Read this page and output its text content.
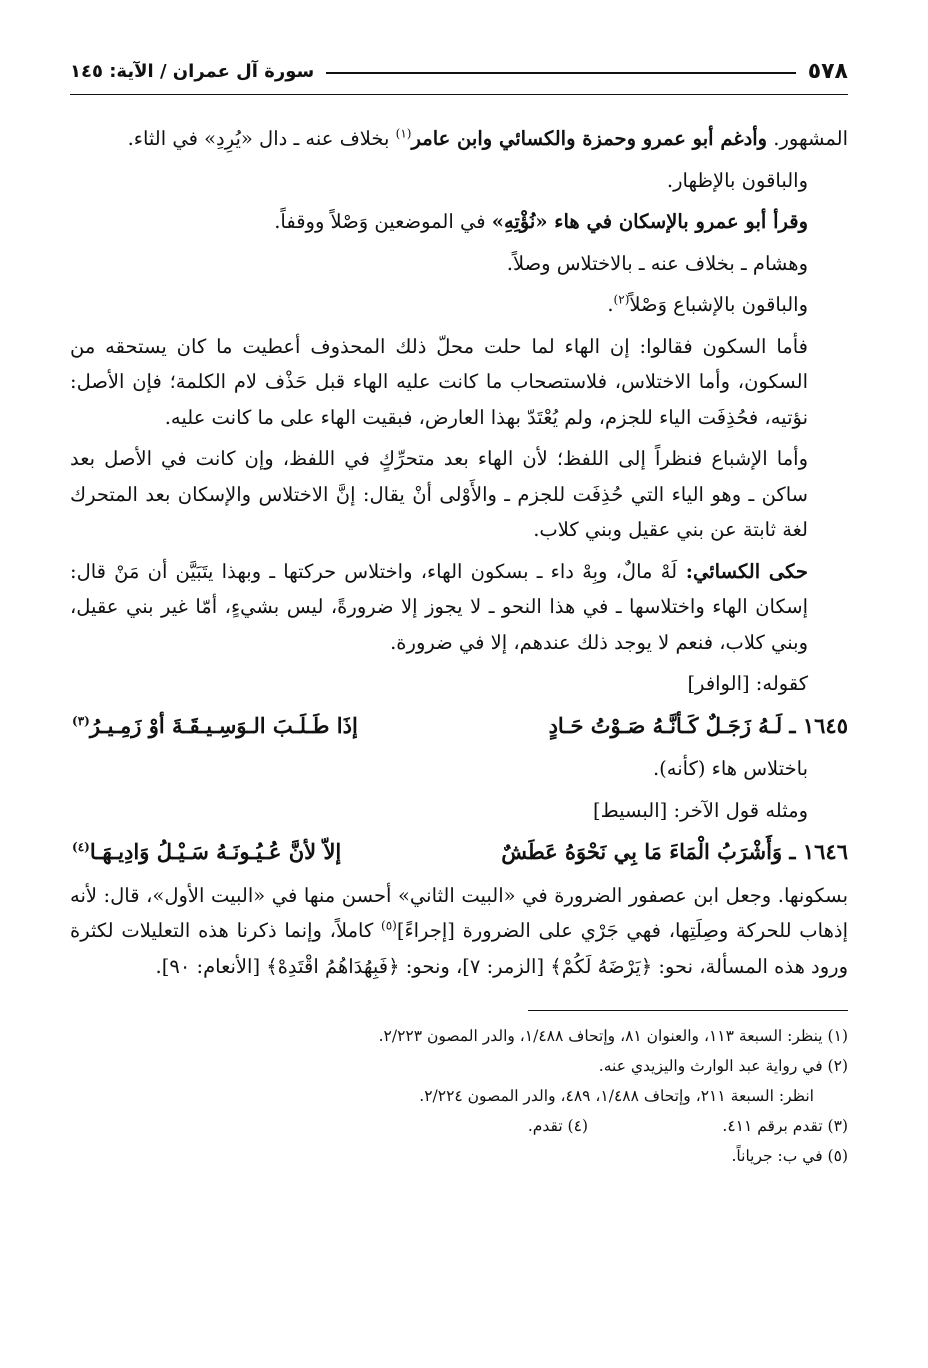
٥٧٨
سورة آل عمران / الآية: ١٤٥

المشهور. وأدغم أبو عمرو وحمزة والكسائي وابن عامر$^{(١)}$ بخلاف عنه ـ دال «يُرِدِ» في الثاء.

والباقون بالإظهار.

وقرأ أبو عمرو بالإسكان في هاء «نُؤْتِهِ» في الموضعين وَصْلاً ووقفاً.

وهشام ـ بخلاف عنه ـ بالاختلاس وصلاً.

والباقون بالإشباع وَصْلاً$^{(٢)}$.

فأما السكون فقالوا: إن الهاء لما حلت محلّ ذلك المحذوف أعطيت ما كان يستحقه من السكون، وأما الاختلاس، فلاستصحاب ما كانت عليه الهاء قبل حَذْف لام الكلمة؛ فإن الأصل: نؤتيه، فحُذِفَت الياء للجزم، ولم يُعْتَدّ بهذا العارض، فبقيت الهاء على ما كانت عليه.

وأما الإشباع فنظراً إلى اللفظ؛ لأن الهاء بعد متحرِّكٍ في اللفظ، وإن كانت في الأصل بعد ساكن ـ وهو الياء التي حُذِفَت للجزم ـ والأَوْلى أنْ يقال: إنَّ الاختلاس والإسكان بعد المتحرك لغة ثابتة عن بني عقيل وبني كلاب.

حكى الكسائي: لَهْ مالٌ، وبِهْ داء ـ بسكون الهاء، واختلاس حركتها ـ وبهذا يتَبَيَّن أن مَنْ قال: إسكان الهاء واختلاسها ـ في هذا النحو ـ لا يجوز إلا ضرورةً، ليس بشيءٍ، أمّا غير بني عقيل، وبني كلاب، فنعم لا يوجد ذلك عندهم، إلا في ضرورة.

كقوله: [الوافر]

١٦٤٥ ـ لَـهُ زَجَـلٌ كَـأنَّـهُ صَـوْتُ حَـادٍ
إذَا طَـلَـبَ الـوَسِـيـقَـةَ أوْ زَمِـيـرُ$^{(٣)}$

باختلاس هاء (كأنه).

ومثله قول الآخر: [البسيط]

١٦٤٦ ـ وَأَشْرَبُ الْمَاءَ مَا بِي نَحْوَهُ عَطَشٌ
إلاّ لأنَّ عُـيُـونَـهُ سَـيْـلُ وَادِيـهَـا$^{(٤)}$

بسكونها. وجعل ابن عصفور الضرورة في «البيت الثاني» أحسن منها في «البيت الأول»، قال: لأنه إذهاب للحركة وصِلَتِها، فهي جَرْي على الضرورة [إجراءً]$^{(٥)}$ كاملاً، وإنما ذكرنا هذه التعليلات لكثرة ورود هذه المسألة، نحو: ﴿يَرْضَهُ لَكُمْ﴾ [الزمر: ٧]، ونحو: ﴿فَبِهُدَاهُمُ اقْتَدِهْ﴾ [الأنعام: ٩٠].

(١) ينظر: السبعة ١١٣، والعنوان ٨١، وإتحاف ١/٤٨٨، والدر المصون ٢/٢٢٣.

(٢) في رواية عبد الوارث واليزيدي عنه.

انظر: السبعة ٢١١، وإتحاف ١/٤٨٨، ٤٨٩، والدر المصون ٢/٢٢٤.

(٣) تقدم برقم ٤١١.
(٤) تقدم.

(٥) في ب: جرياناً.
